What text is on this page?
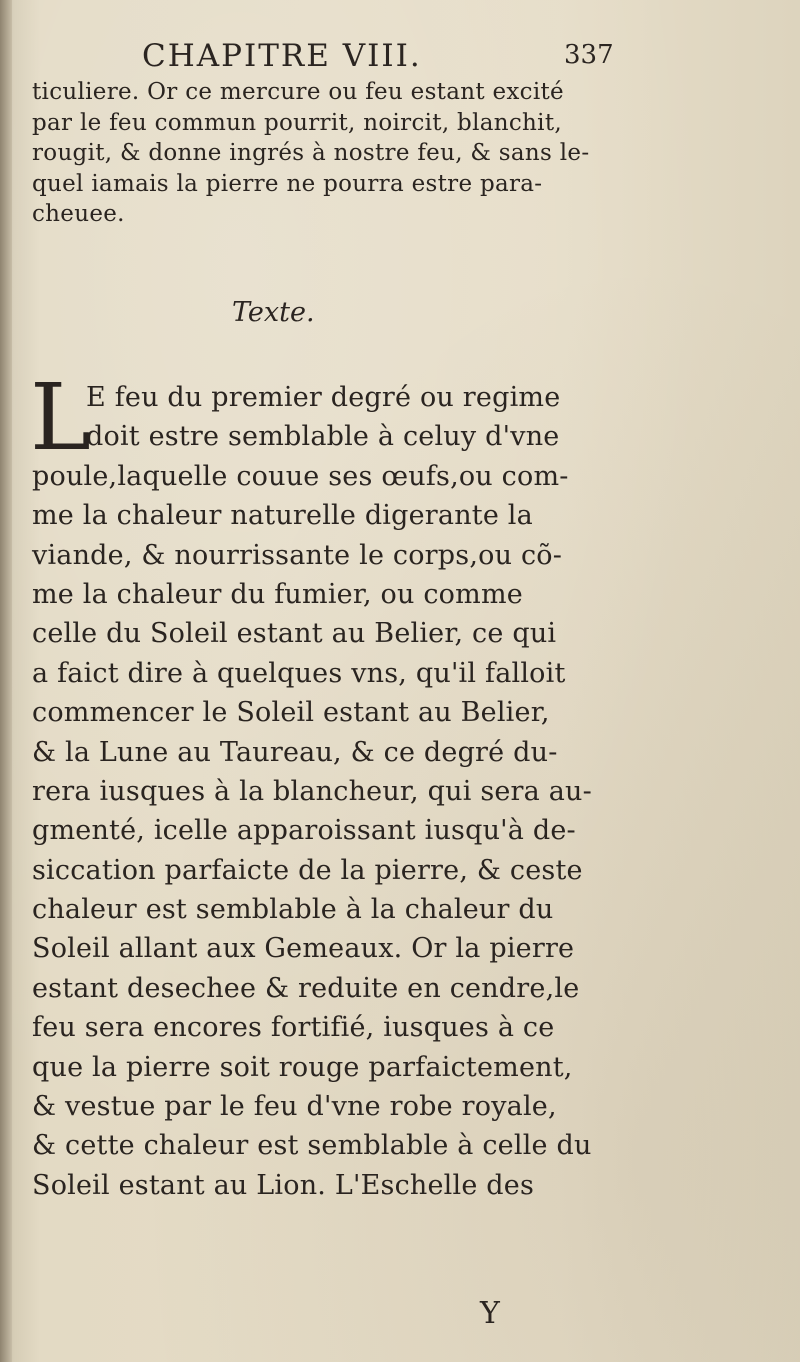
CHAPITRE VIII.	337
ticuliere. Or ce mercure ou feu estant excité
par le feu commun pourrit, noircit, blanchit,
rougit, & donne ingrés à nostre feu, & sans le-
quel iamais la pierre ne pourra estre para-
cheuee.
Texte.
L
E feu du premier degré ou regime
doit estre semblable à celuy d'vne
poule,laquelle couue ses œufs,ou com-
me la chaleur naturelle digerante la
viande, & nourrissante le corps,ou cõ-
me la chaleur du fumier, ou comme
celle du Soleil estant au Belier, ce qui
a faict dire à quelques vns, qu'il falloit
commencer le Soleil estant au Belier,
& la Lune au Taureau, & ce degré du-
rera iusques à la blancheur, qui sera au-
gmenté, icelle apparoissant iusqu'à de-
siccation parfaicte de la pierre, & ceste
chaleur est semblable à la chaleur du
Soleil allant aux Gemeaux. Or la pierre
estant desechee & reduite en cendre,le
feu sera encores fortifié, iusques à ce
que la pierre soit rouge parfaictement,
& vestue par le feu d'vne robe royale,
& cette chaleur est semblable à celle du
Soleil estant au Lion. L'Eschelle des
Y
